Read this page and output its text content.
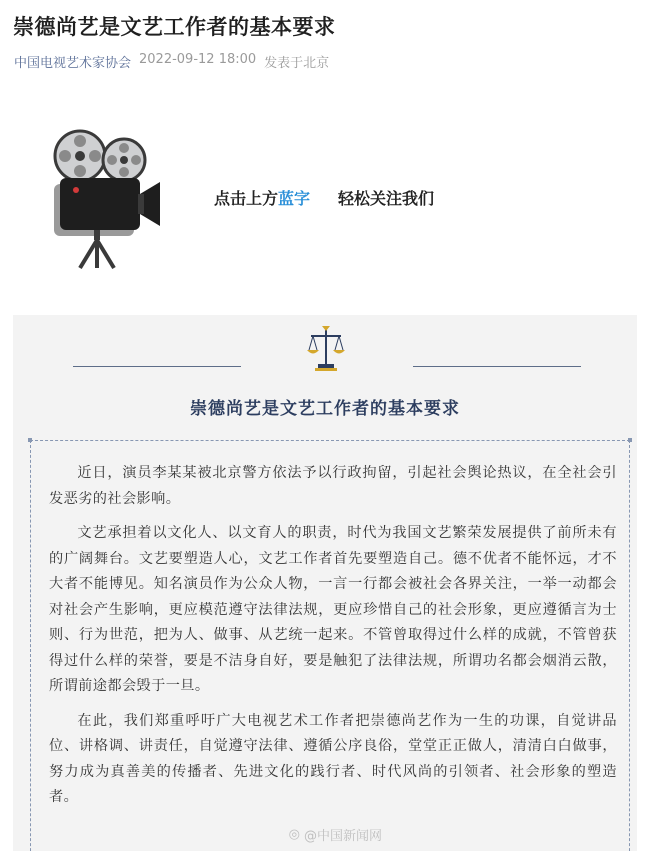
崇德尚艺是文艺工作者的基本要求
中国电视艺术家协会 2022-09-12 18:00 发表于北京
点击上方蓝字 轻松关注我们
崇德尚艺是文艺工作者的基本要求

近日，演员李某某被北京警方依法予以行政拘留，引起社会舆论热议，在全社会引发恶劣的社会影响。

文艺承担着以文化人、以文育人的职责，时代为我国文艺繁荣发展提供了前所未有的广阔舞台。文艺要塑造人心，文艺工作者首先要塑造自己。德不优者不能怀远，才不大者不能博见。知名演员作为公众人物，一言一行都会被社会各界关注，一举一动都会对社会产生影响，更应模范遵守法律法规，更应珍惜自己的社会形象，更应遵循言为士则、行为世范，把为人、做事、从艺统一起来。不管曾取得过什么样的成就，不管曾获得过什么样的荣誉，要是不洁身自好，要是触犯了法律法规，所谓功名都会烟消云散，所谓前途都会毁于一旦。

在此，我们郑重呼吁广大电视艺术工作者把崇德尚艺作为一生的功课，自觉讲品位、讲格调、讲责任，自觉遵守法律、遵循公序良俗，堂堂正正做人，清清白白做事，努力成为真善美的传播者、先进文化的践行者、时代风尚的引领者、社会形象的塑造者。

◎ @中国新闻网
